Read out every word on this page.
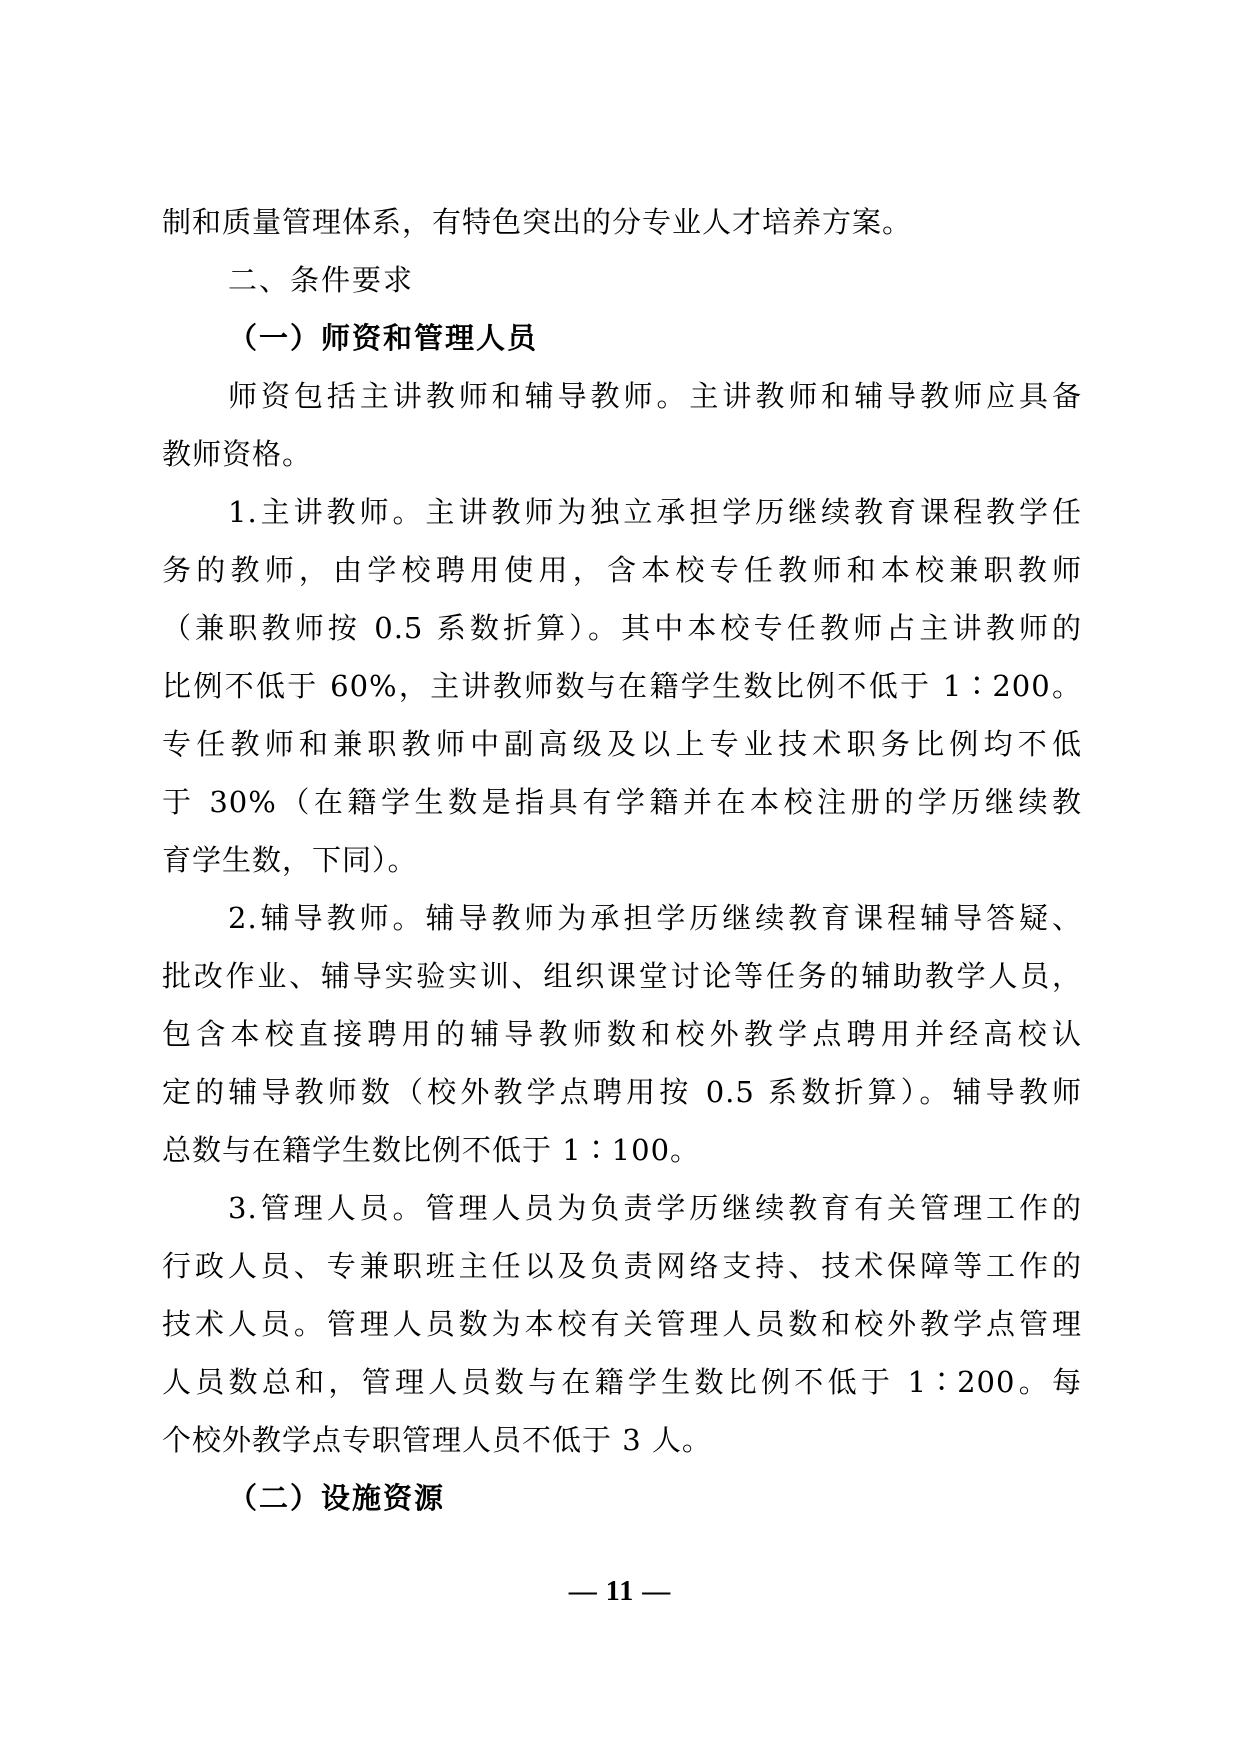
制和质量管理体系，有特色突出的分专业人才培养方案。
二、条件要求
（一）师资和管理人员
师资包括主讲教师和辅导教师。主讲教师和辅导教师应具备
教师资格。
1.主讲教师。主讲教师为独立承担学历继续教育课程教学任
务的教师，由学校聘用使用，含本校专任教师和本校兼职教师
（兼职教师按 0.5 系数折算）。其中本校专任教师占主讲教师的
比例不低于 60%，主讲教师数与在籍学生数比例不低于 1∶200。
专任教师和兼职教师中副高级及以上专业技术职务比例均不低
于 30%（在籍学生数是指具有学籍并在本校注册的学历继续教
育学生数，下同）。
2.辅导教师。辅导教师为承担学历继续教育课程辅导答疑、
批改作业、辅导实验实训、组织课堂讨论等任务的辅助教学人员，
包含本校直接聘用的辅导教师数和校外教学点聘用并经高校认
定的辅导教师数（校外教学点聘用按 0.5 系数折算）。辅导教师
总数与在籍学生数比例不低于 1∶100。
3.管理人员。管理人员为负责学历继续教育有关管理工作的
行政人员、专兼职班主任以及负责网络支持、技术保障等工作的
技术人员。管理人员数为本校有关管理人员数和校外教学点管理
人员数总和，管理人员数与在籍学生数比例不低于 1∶200。每
个校外教学点专职管理人员不低于 3 人。
（二）设施资源
— 11 —
